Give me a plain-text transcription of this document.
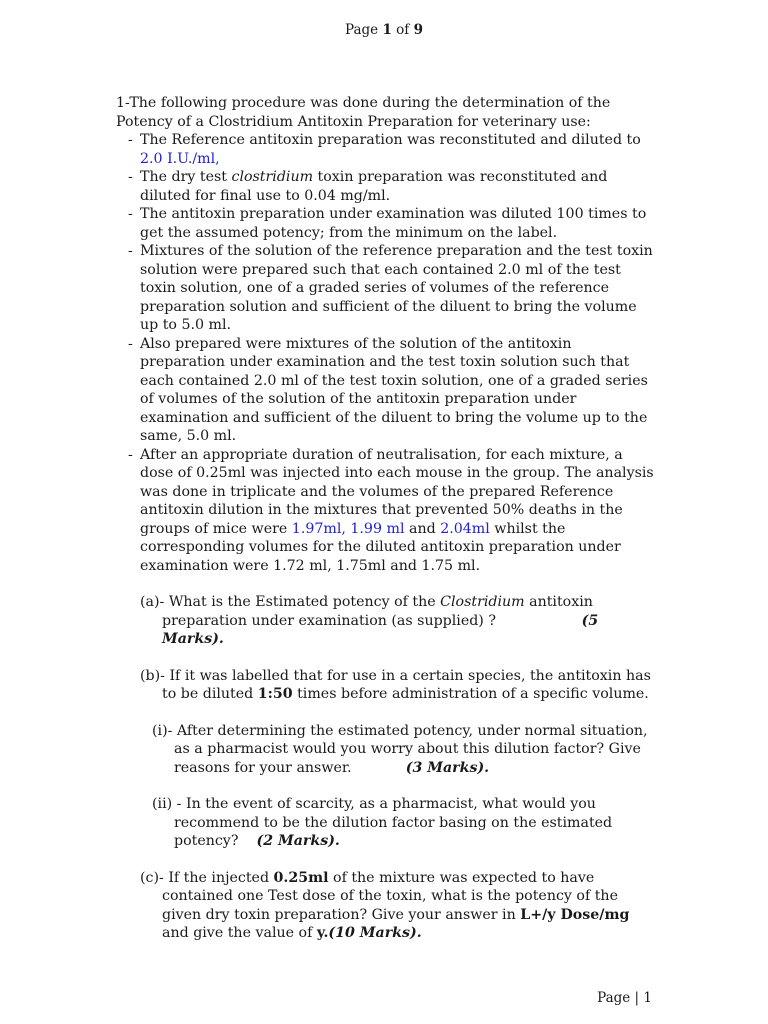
Page 1 of 9

1-The following procedure was done during the determination of the Potency of a Clostridium Antitoxin Preparation for veterinary use:

- The Reference antitoxin preparation was reconstituted and diluted to
2.0 I.U./ml,
- The dry test clostridium toxin preparation was reconstituted and diluted for final use to 0.04 mg/ml.
- The antitoxin preparation under examination was diluted 100 times to get the assumed potency; from the minimum on the label.
- Mixtures of the solution of the reference preparation and the test toxin solution were prepared such that each contained 2.0 ml of the test toxin solution, one of a graded series of volumes of the reference preparation solution and sufficient of the diluent to bring the volume up to 5.0 ml.
- Also prepared were mixtures of the solution of the antitoxin preparation under examination and the test toxin solution such that each contained 2.0 ml of the test toxin solution, one of a graded series of volumes of the solution of the antitoxin preparation under examination and sufficient of the diluent to bring the volume up to the same, 5.0 ml.
- After an appropriate duration of neutralisation, for each mixture, a dose of 0.25ml was injected into each mouse in the group. The analysis was done in triplicate and the volumes of the prepared Reference antitoxin dilution in the mixtures that prevented 50% deaths in the groups of mice were 1.97ml, 1.99 ml and 2.04ml whilst the corresponding volumes for the diluted antitoxin preparation under examination were 1.72 ml, 1.75ml and 1.75 ml.

(a)- What is the Estimated potency of the Clostridium antitoxin preparation under examination (as supplied) ?	(5 Marks).

(b)- If it was labelled that for use in a certain species, the antitoxin has to be diluted 1:50 times before administration of a specific volume.

(i)- After determining the estimated potency, under normal situation, as a pharmacist would you worry about this dilution factor? Give reasons for your answer.	(3 Marks).

(ii) - In the event of scarcity, as a pharmacist, what would you recommend to be the dilution factor basing on the estimated potency? (2 Marks).

(c)- If the injected 0.25ml of the mixture was expected to have contained one Test dose of the toxin, what is the potency of the given dry toxin preparation? Give your answer in L+/y Dose/mg and give the value of y.(10 Marks).

Page | 1
